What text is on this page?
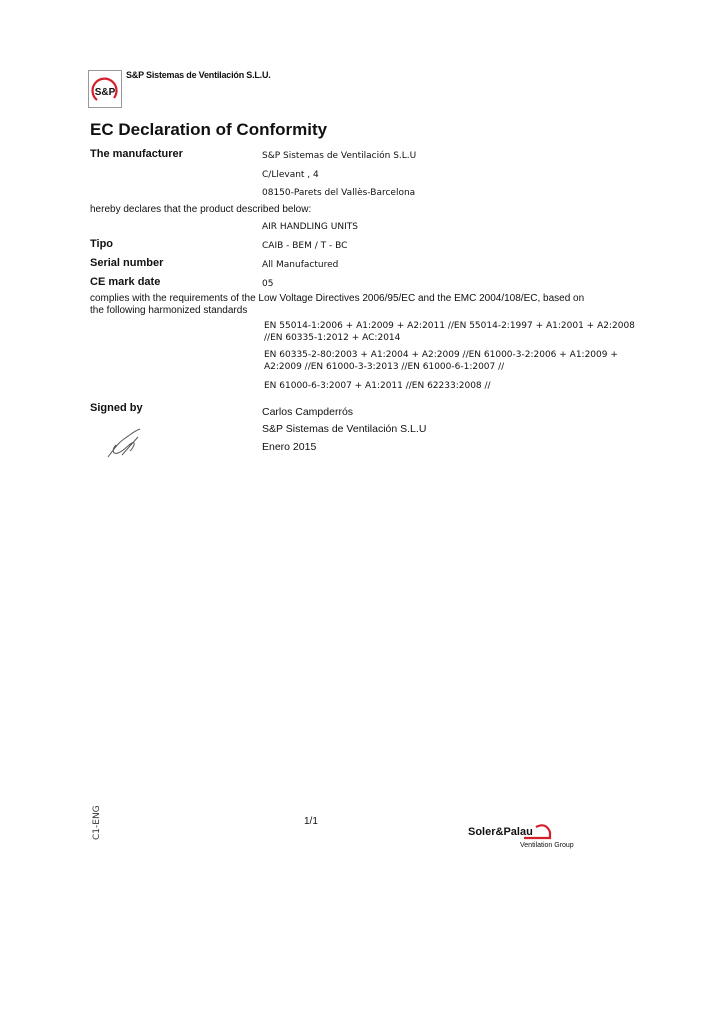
S&P
S&P Sistemas de Ventilación S.L.U.
EC Declaration of Conformity
The manufacturer	S&P Sistemas de Ventilación S.L.U
C/Llevant , 4
08150-Parets del Vallès-Barcelona
hereby declares that the product described below:
AIR HANDLING UNITS
Tipo	CAIB - BEM / T - BC
Serial number	All Manufactured
CE mark date	05
complies with the requirements of the Low Voltage Directives 2006/95/EC and the EMC 2004/108/EC, based on
the following harmonized standards
EN 55014-1:2006 + A1:2009 + A2:2011 //EN 55014-2:1997 + A1:2001 + A2:2008
//EN 60335-1:2012 + AC:2014
EN 60335-2-80:2003 + A1:2004 + A2:2009 //EN 61000-3-2:2006 + A1:2009 +
A2:2009 //EN 61000-3-3:2013 //EN 61000-6-1:2007 //
EN 61000-6-3:2007 + A1:2011 //EN 62233:2008 //
Signed by	Carlos Campderrós
S&P Sistemas de Ventilación S.L.U
Enero 2015
C1-ENG	1/1
Soler&Palau
Ventilation Group
